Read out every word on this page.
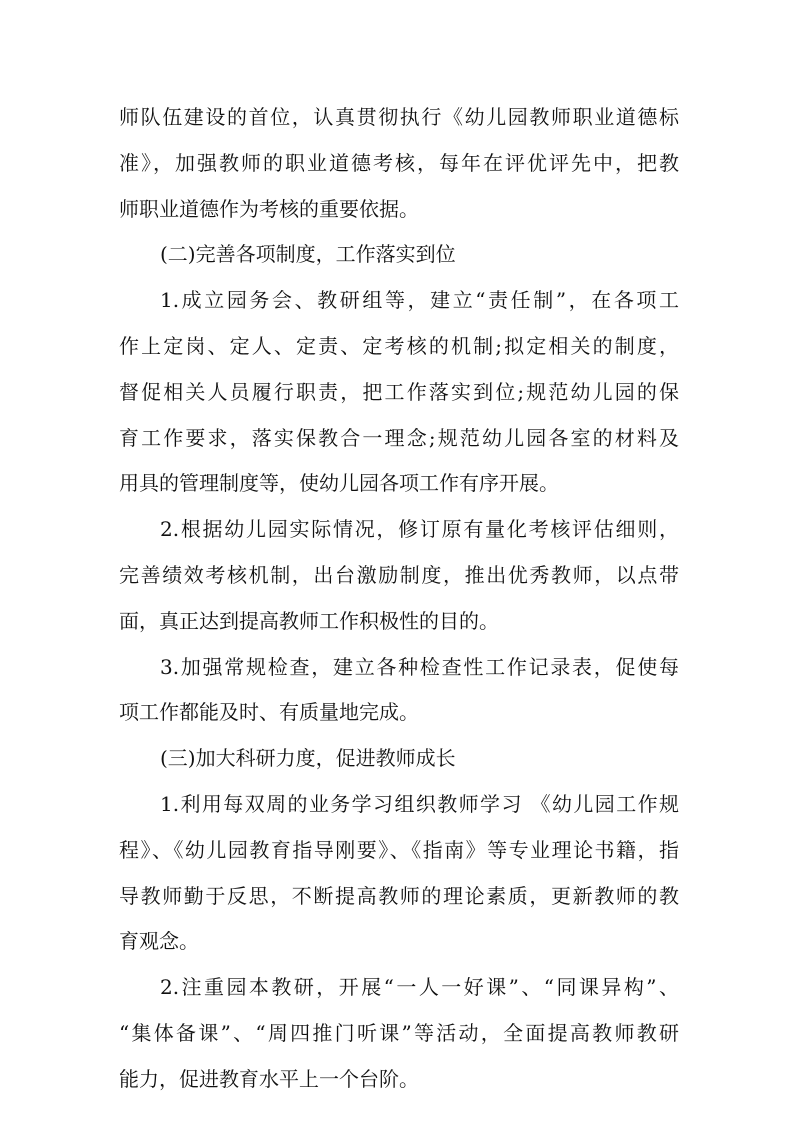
师队伍建设的首位，认真贯彻执行《幼儿园教师职业道德标
准》，加强教师的职业道德考核，每年在评优评先中，把教
师职业道德作为考核的重要依据。
(二)完善各项制度，工作落实到位
1.成立园务会、教研组等，建立“责任制”，在各项工
作上定岗、定人、定责、定考核的机制;拟定相关的制度，
督促相关人员履行职责，把工作落实到位;规范幼儿园的保
育工作要求，落实保教合一理念;规范幼儿园各室的材料及
用具的管理制度等，使幼儿园各项工作有序开展。
2.根据幼儿园实际情况，修订原有量化考核评估细则，
完善绩效考核机制，出台激励制度，推出优秀教师，以点带
面，真正达到提高教师工作积极性的目的。
3.加强常规检查，建立各种检查性工作记录表，促使每
项工作都能及时、有质量地完成。
(三)加大科研力度，促进教师成长
1.利用每双周的业务学习组织教师学习 《幼儿园工作规
程》、《幼儿园教育指导刚要》、《指南》等专业理论书籍，指
导教师勤于反思，不断提高教师的理论素质，更新教师的教
育观念。
2.注重园本教研，开展“一人一好课”、“同课异构”、
“集体备课”、“周四推门听课”等活动，全面提高教师教研
能力，促进教育水平上一个台阶。
